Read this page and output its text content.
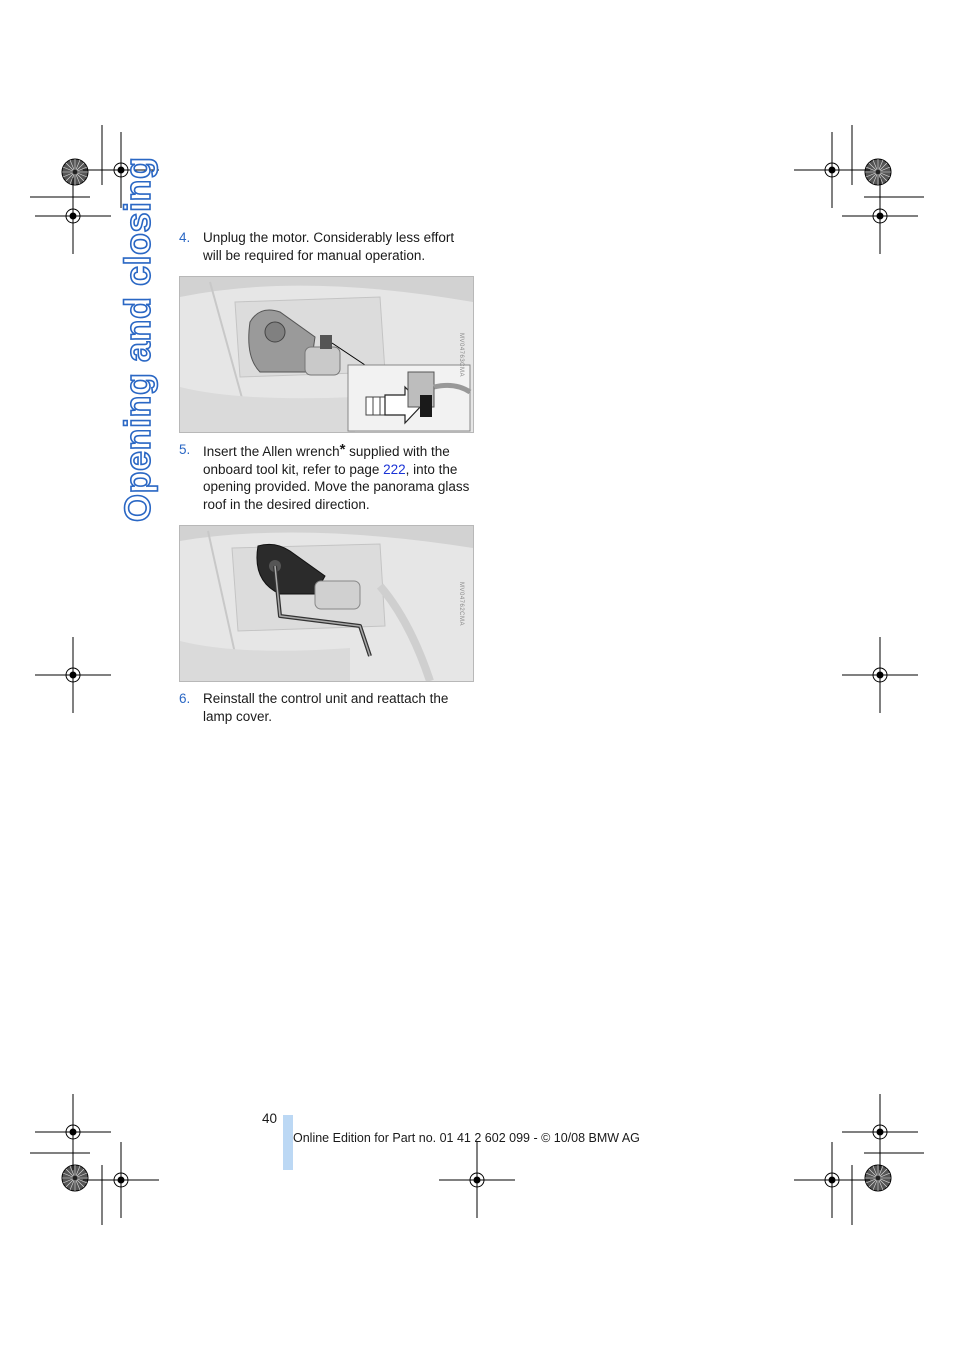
Opening and closing 4. Unplug the motor. Considerably less effort will be required for manual operation.
MV04763CMA
5. Insert the Allen wrench* supplied with the onboard tool kit, refer to page 222, into the opening provided. Move the panorama glass roof in the desired direction.
MV04762CMA
6. Reinstall the control unit and reattach the lamp cover.
40
Online Edition for Part no. 01 41 2 602 099 - © 10/08 BMW AG
